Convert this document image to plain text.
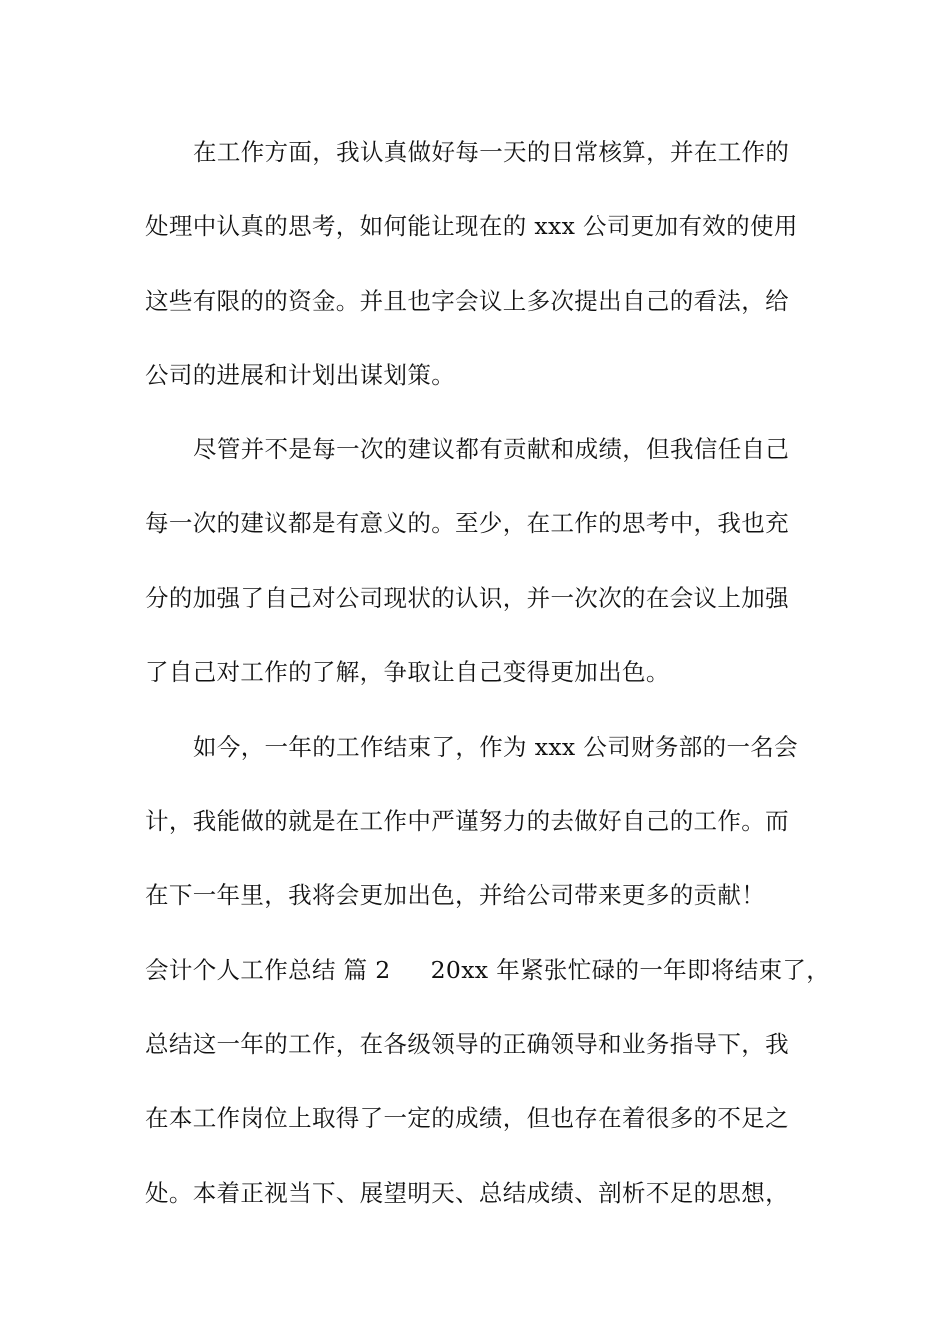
在工作方面，我认真做好每一天的日常核算，并在工作的
处理中认真的思考，如何能让现在的 xxx 公司更加有效的使用
这些有限的的资金。并且也字会议上多次提出自己的看法，给
公司的进展和计划出谋划策。
尽管并不是每一次的建议都有贡献和成绩，但我信任自己
每一次的建议都是有意义的。至少，在工作的思考中，我也充
分的加强了自己对公司现状的认识，并一次次的在会议上加强
了自己对工作的了解，争取让自己变得更加出色。
如今，一年的工作结束了，作为 xxx 公司财务部的一名会
计，我能做的就是在工作中严谨努力的去做好自己的工作。而
在下一年里，我将会更加出色，并给公司带来更多的贡献！
会计个人工作总结 篇 2 20xx 年紧张忙碌的一年即将结束了，
总结这一年的工作，在各级领导的正确领导和业务指导下，我
在本工作岗位上取得了一定的成绩，但也存在着很多的不足之
处。本着正视当下、展望明天、总结成绩、剖析不足的思想，
